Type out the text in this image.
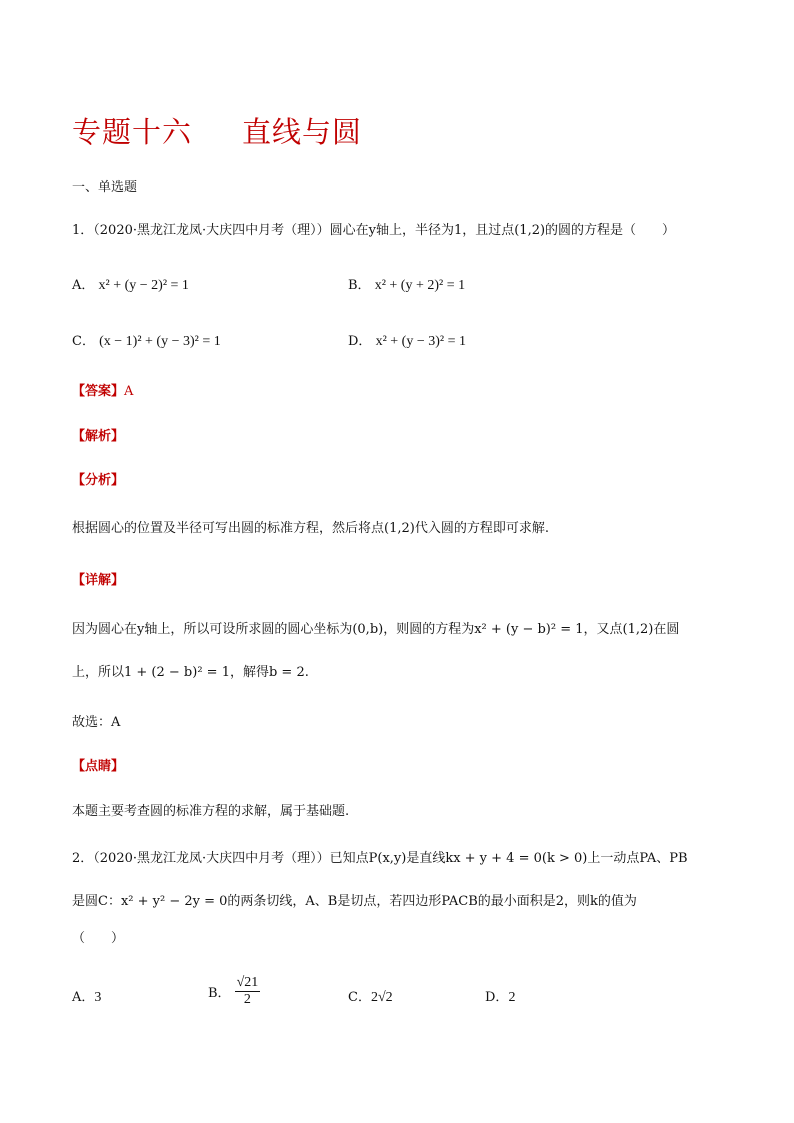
专题十六 直线与圆
一、单选题
1．（2020·黑龙江龙凤·大庆四中月考（理））圆心在y轴上，半径为1，且过点(1,2)的圆的方程是（　　）
A． x² + (y − 2)² = 1	B． x² + (y + 2)² = 1
C． (x − 1)² + (y − 3)² = 1	D． x² + (y − 3)² = 1
【答案】A
【解析】
【分析】
根据圆心的位置及半径可写出圆的标准方程，然后将点(1,2)代入圆的方程即可求解.
【详解】
因为圆心在y轴上，所以可设所求圆的圆心坐标为(0,b)，则圆的方程为x² + (y − b)² = 1，又点(1,2)在圆
上，所以1 + (2 − b)² = 1，解得b = 2.
故选：A
【点睛】
本题主要考查圆的标准方程的求解，属于基础题.
2．（2020·黑龙江龙凤·大庆四中月考（理））已知点P(x,y)是直线kx + y + 4 = 0(k > 0)上一动点PA、PB
是圆C：x² + y² − 2y = 0的两条切线，A、B是切点，若四边形PACB的最小面积是2，则k的值为
（　　）
A．3	B． $\frac{√21}{2}$	C．2√2	D．2
